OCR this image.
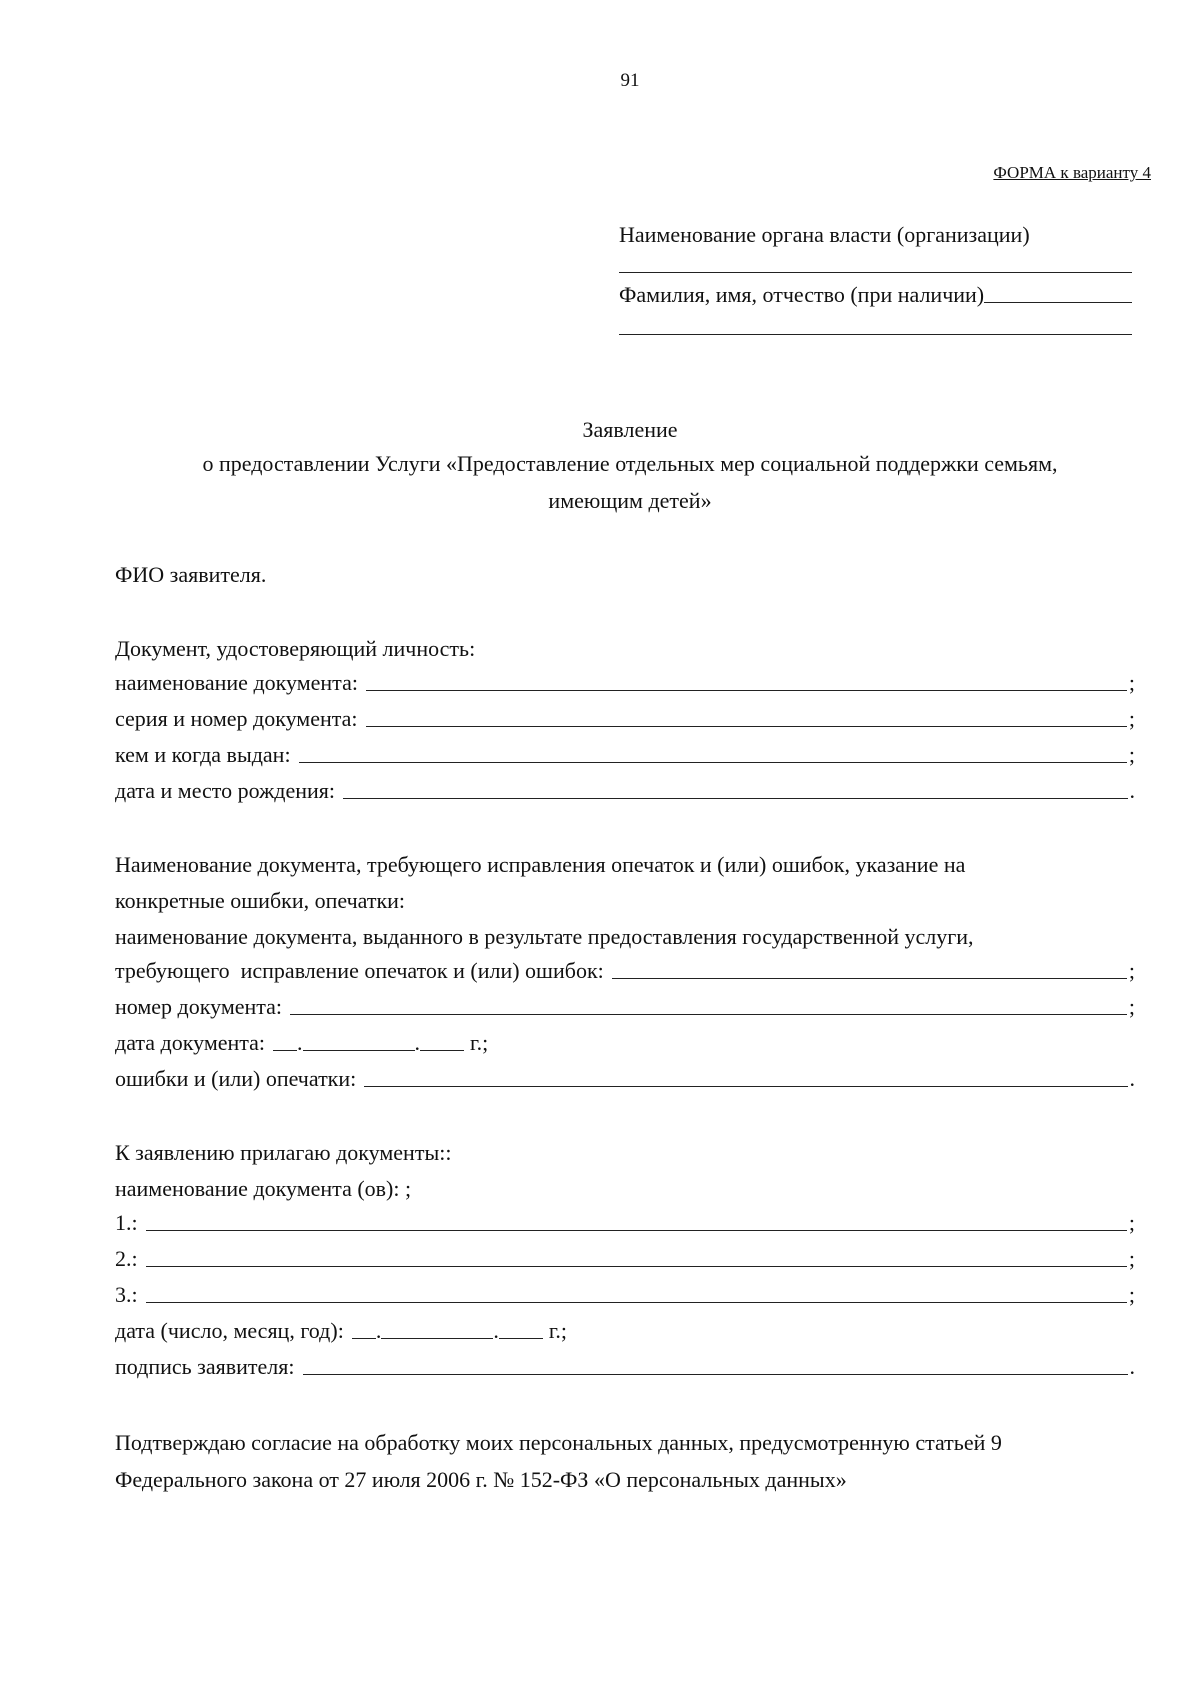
91
ФОРМА к варианту 4
Наименование органа власти (организации)
Фамилия, имя, отчество (при наличии)
Заявление
о предоставлении Услуги «Предоставление отдельных мер социальной поддержки семьям,
имеющим детей»
ФИО заявителя.
Документ, удостоверяющий личность:
наименование документа:	;
серия и номер документа:	;
кем и когда выдан:	;
дата и место рождения:	.
Наименование документа, требующего исправления опечаток и (или) ошибок, указание на
конкретные ошибки, опечатки:
наименование документа, выданного в результате предоставления государственной услуги,
требующего  исправление опечаток и (или) ошибок:	;
номер документа:	;
дата документа: .	. г.;
ошибки и (или) опечатки:	.
К заявлению прилагаю документы::
наименование документа (ов): ;
1.:	;
2.:	;
3.:	;
дата (число, месяц, год): .	. г.;
подпись заявителя:	.
Подтверждаю согласие на обработку моих персональных данных, предусмотренную статьей 9
Федерального закона от 27 июля 2006 г. № 152-ФЗ «О персональных данных»
